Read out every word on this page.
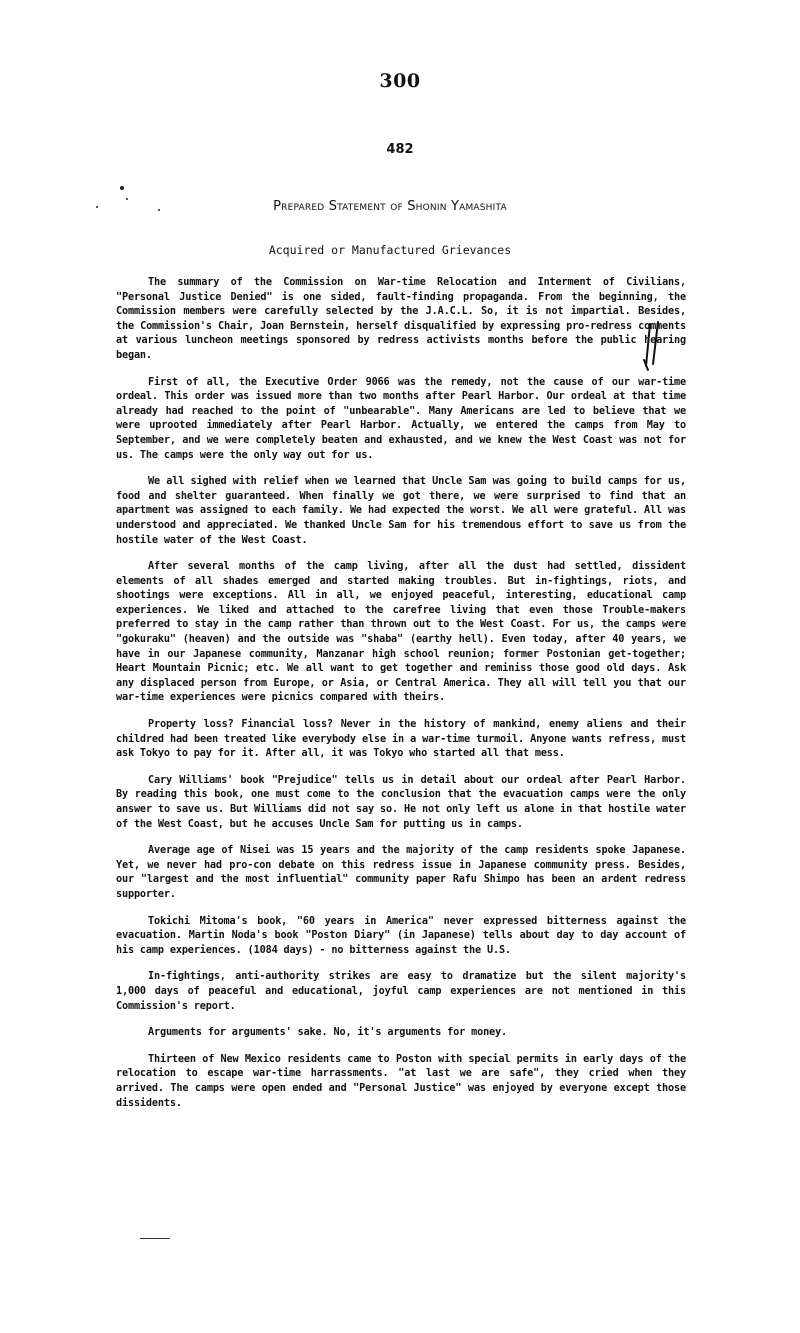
300
482
Prepared Statement of Shonin Yamashita
Acquired or Manufactured Grievances

The summary of the Commission on War-time Relocation and Interment of Civilians, "Personal Justice Denied" is one sided, fault-finding propaganda. From the beginning, the Commission members were carefully selected by the J.A.C.L. So, it is not impartial. Besides, the Commission's Chair, Joan Bernstein, herself disqualified by expressing pro-redress comments at various luncheon meetings sponsored by redress activists months before the public hearing began.

First of all, the Executive Order 9066 was the remedy, not the cause of our war-time ordeal. This order was issued more than two months after Pearl Harbor. Our ordeal at that time already had reached to the point of "unbearable". Many Americans are led to believe that we were uprooted immediately after Pearl Harbor. Actually, we entered the camps from May to September, and we were completely beaten and exhausted, and we knew the West Coast was not for us. The camps were the only way out for us.

We all sighed with relief when we learned that Uncle Sam was going to build camps for us, food and shelter guaranteed. When finally we got there, we were surprised to find that an apartment was assigned to each family. We had expected the worst. We all were grateful. All was understood and appreciated. We thanked Uncle Sam for his tremendous effort to save us from the hostile water of the West Coast.

After several months of the camp living, after all the dust had settled, dissident elements of all shades emerged and started making troubles. But in-fightings, riots, and shootings were exceptions. All in all, we enjoyed peaceful, interesting, educational camp experiences. We liked and attached to the carefree living that even those Trouble-makers preferred to stay in the camp rather than thrown out to the West Coast. For us, the camps were "gokuraku" (heaven) and the outside was "shaba" (earthy hell). Even today, after 40 years, we have in our Japanese community, Manzanar high school reunion; former Postonian get-together; Heart Mountain Picnic; etc. We all want to get together and reminiss those good old days. Ask any displaced person from Europe, or Asia, or Central America. They all will tell you that our war-time experiences were picnics compared with theirs.

Property loss? Financial loss? Never in the history of mankind, enemy aliens and their childred had been treated like everybody else in a war-time turmoil. Anyone wants refress, must ask Tokyo to pay for it. After all, it was Tokyo who started all that mess.

Cary Williams' book "Prejudice" tells us in detail about our ordeal after Pearl Harbor. By reading this book, one must come to the conclusion that the evacuation camps were the only answer to save us. But Williams did not say so. He not only left us alone in that hostile water of the West Coast, but he accuses Uncle Sam for putting us in camps.

Average age of Nisei was 15 years and the majority of the camp residents spoke Japanese. Yet, we never had pro-con debate on this redress issue in Japanese community press. Besides, our "largest and the most influential" community paper Rafu Shimpo has been an ardent redress supporter.

Tokichi Mitoma's book, "60 years in America" never expressed bitterness against the evacuation. Martin Noda's book "Poston Diary" (in Japanese) tells about day to day account of his camp experiences. (1084 days) - no bitterness against the U.S.

In-fightings, anti-authority strikes are easy to dramatize but the silent majority's 1,000 days of peaceful and educational, joyful camp experiences are not mentioned in this Commission's report.

Arguments for arguments' sake. No, it's arguments for money.

Thirteen of New Mexico residents came to Poston with special permits in early days of the relocation to escape war-time harrassments. "at last we are safe", they cried when they arrived. The camps were open ended and "Personal Justice" was enjoyed by everyone except those dissidents.
